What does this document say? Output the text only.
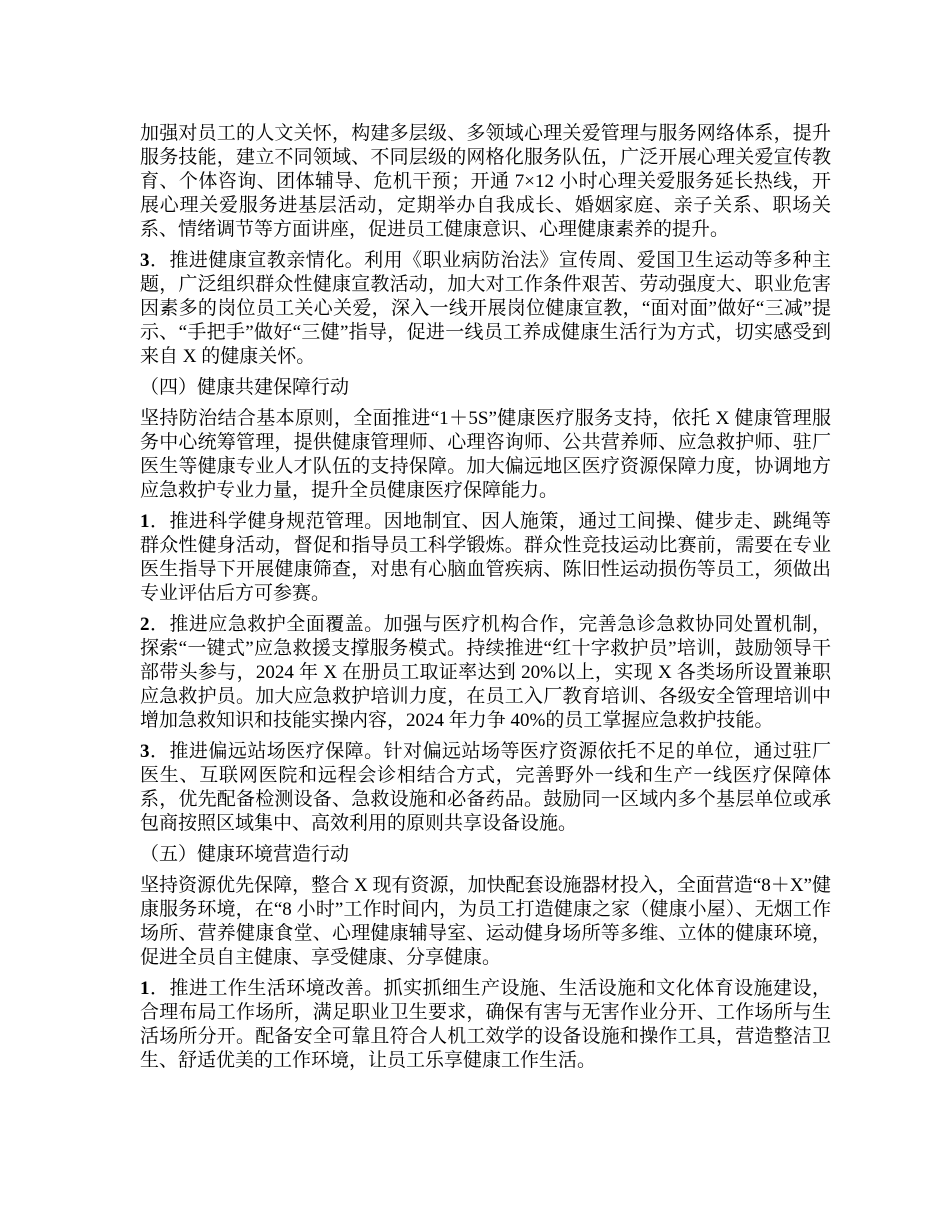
加强对员工的人文关怀，构建多层级、多领域心理关爱管理与服务网络体系，提升服务技能，建立不同领域、不同层级的网格化服务队伍，广泛开展心理关爱宣传教育、个体咨询、团体辅导、危机干预；开通 7×12 小时心理关爱服务延长热线，开展心理关爱服务进基层活动，定期举办自我成长、婚姻家庭、亲子关系、职场关系、情绪调节等方面讲座，促进员工健康意识、心理健康素养的提升。

3．推进健康宣教亲情化。利用《职业病防治法》宣传周、爱国卫生运动等多种主题，广泛组织群众性健康宣教活动，加大对工作条件艰苦、劳动强度大、职业危害因素多的岗位员工关心关爱，深入一线开展岗位健康宣教，“面对面”做好“三减”提示、“手把手”做好“三健”指导，促进一线员工养成健康生活行为方式，切实感受到来自 X 的健康关怀。

（四）健康共建保障行动

坚持防治结合基本原则，全面推进“1＋5S”健康医疗服务支持，依托 X 健康管理服务中心统筹管理，提供健康管理师、心理咨询师、公共营养师、应急救护师、驻厂医生等健康专业人才队伍的支持保障。加大偏远地区医疗资源保障力度，协调地方应急救护专业力量，提升全员健康医疗保障能力。

1．推进科学健身规范管理。因地制宜、因人施策，通过工间操、健步走、跳绳等群众性健身活动，督促和指导员工科学锻炼。群众性竞技运动比赛前，需要在专业医生指导下开展健康筛查，对患有心脑血管疾病、陈旧性运动损伤等员工，须做出专业评估后方可参赛。

2．推进应急救护全面覆盖。加强与医疗机构合作，完善急诊急救协同处置机制，探索“一键式”应急救援支撑服务模式。持续推进“红十字救护员”培训，鼓励领导干部带头参与，2024 年 X 在册员工取证率达到 20%以上，实现 X 各类场所设置兼职应急救护员。加大应急救护培训力度，在员工入厂教育培训、各级安全管理培训中增加急救知识和技能实操内容，2024 年力争 40%的员工掌握应急救护技能。

3．推进偏远站场医疗保障。针对偏远站场等医疗资源依托不足的单位，通过驻厂医生、互联网医院和远程会诊相结合方式，完善野外一线和生产一线医疗保障体系，优先配备检测设备、急救设施和必备药品。鼓励同一区域内多个基层单位或承包商按照区域集中、高效利用的原则共享设备设施。

（五）健康环境营造行动

坚持资源优先保障，整合 X 现有资源，加快配套设施器材投入，全面营造“8＋X”健康服务环境，在“8 小时”工作时间内，为员工打造健康之家（健康小屋）、无烟工作场所、营养健康食堂、心理健康辅导室、运动健身场所等多维、立体的健康环境，促进全员自主健康、享受健康、分享健康。

1．推进工作生活环境改善。抓实抓细生产设施、生活设施和文化体育设施建设，合理布局工作场所，满足职业卫生要求，确保有害与无害作业分开、工作场所与生活场所分开。配备安全可靠且符合人机工效学的设备设施和操作工具，营造整洁卫生、舒适优美的工作环境，让员工乐享健康工作生活。
